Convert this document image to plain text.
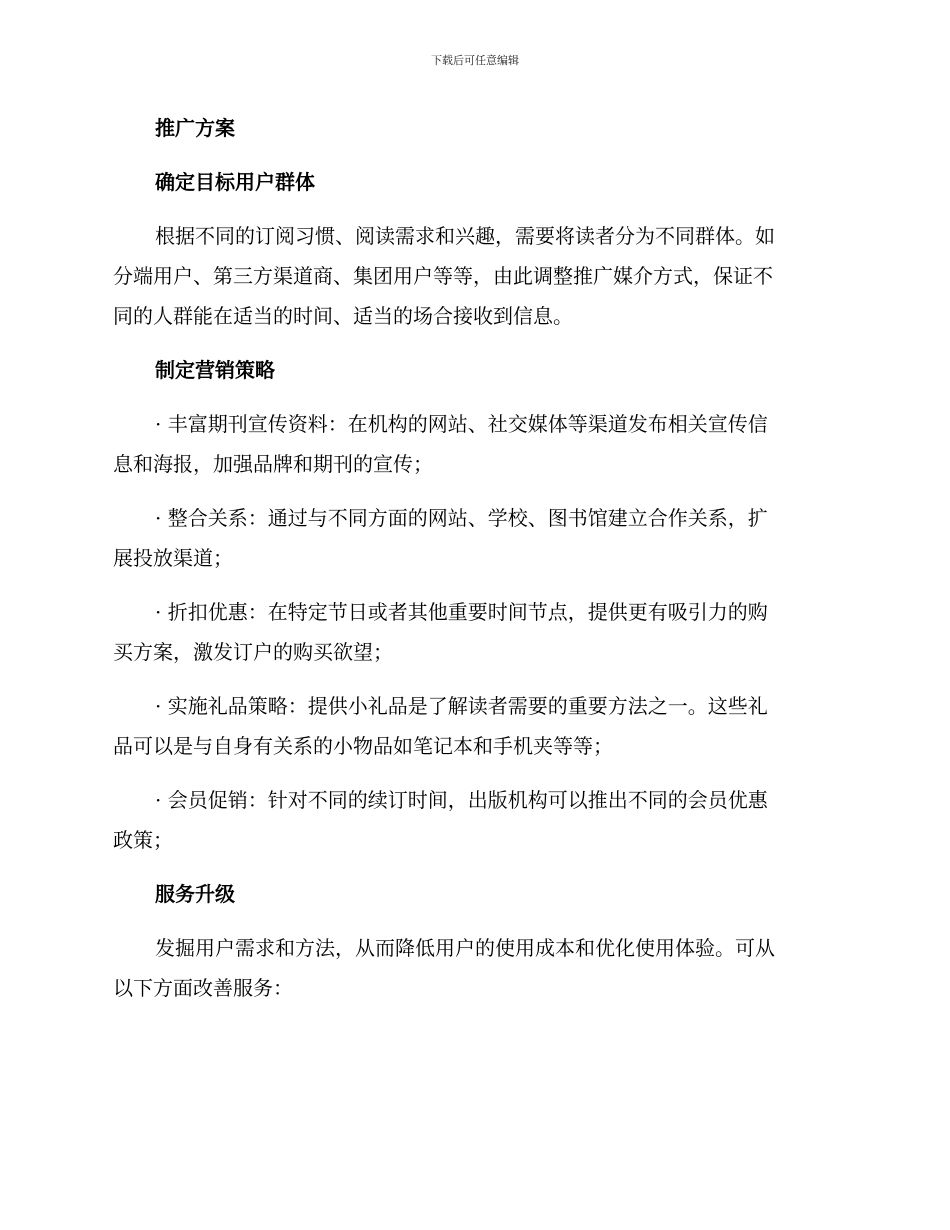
下载后可任意编辑
推广方案
确定目标用户群体

根据不同的订阅习惯、阅读需求和兴趣，需要将读者分为不同群体。如
分端用户、第三方渠道商、集团用户等等，由此调整推广媒介方式，保证不
同的人群能在适当的时间、适当的场合接收到信息。

制定营销策略

· 丰富期刊宣传资料：在机构的网站、社交媒体等渠道发布相关宣传信
息和海报，加强品牌和期刊的宣传；

· 整合关系：通过与不同方面的网站、学校、图书馆建立合作关系，扩
展投放渠道；

· 折扣优惠：在特定节日或者其他重要时间节点，提供更有吸引力的购
买方案，激发订户的购买欲望；

· 实施礼品策略：提供小礼品是了解读者需要的重要方法之一。这些礼
品可以是与自身有关系的小物品如笔记本和手机夹等等；

· 会员促销：针对不同的续订时间，出版机构可以推出不同的会员优惠
政策；

服务升级

发掘用户需求和方法，从而降低用户的使用成本和优化使用体验。可从
以下方面改善服务：
